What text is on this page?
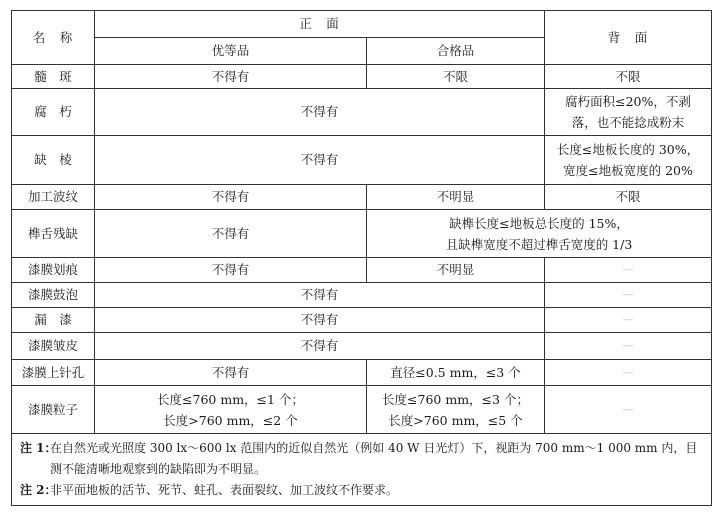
名　称	正　面		背　面
	优等品	合格品	
髓　斑	不得有	不限	不限
腐　朽	不得有		腐朽面积≤20%，不剥
落，也不能捻成粉末

缺　棱	不得有		长度≤地板长度的 30%，
宽度≤地板宽度的 20%

加工波纹	不得有	不明显	不限
榫舌残缺	不得有	缺榫长度≤地板总长度的 15%，
且缺榫宽度不超过榫舌宽度的 1/3	

漆膜划痕	不得有	不明显	—
漆膜鼓泡	不得有		—
漏　漆	不得有		—
漆膜皱皮	不得有		—
漆膜上针孔	不得有	直径≤0.5 mm，≤3 个	—
漆膜粒子	长度≤760 mm，≤1 个；
长度>760 mm，≤2 个	长度≤760 mm，≤3 个；
长度>760 mm，≤5 个	—

注 1：
在自然光或光照度 300 lx～600 lx 范围内的近似自然光（例如 40 W 日光灯）下，视距为 700 mm～1 000 mm 内，目测不能清晰地观察到的缺陷即为不明显。
注 2：
非平面地板的活节、死节、蛀孔、表面裂纹、加工波纹不作要求。			
